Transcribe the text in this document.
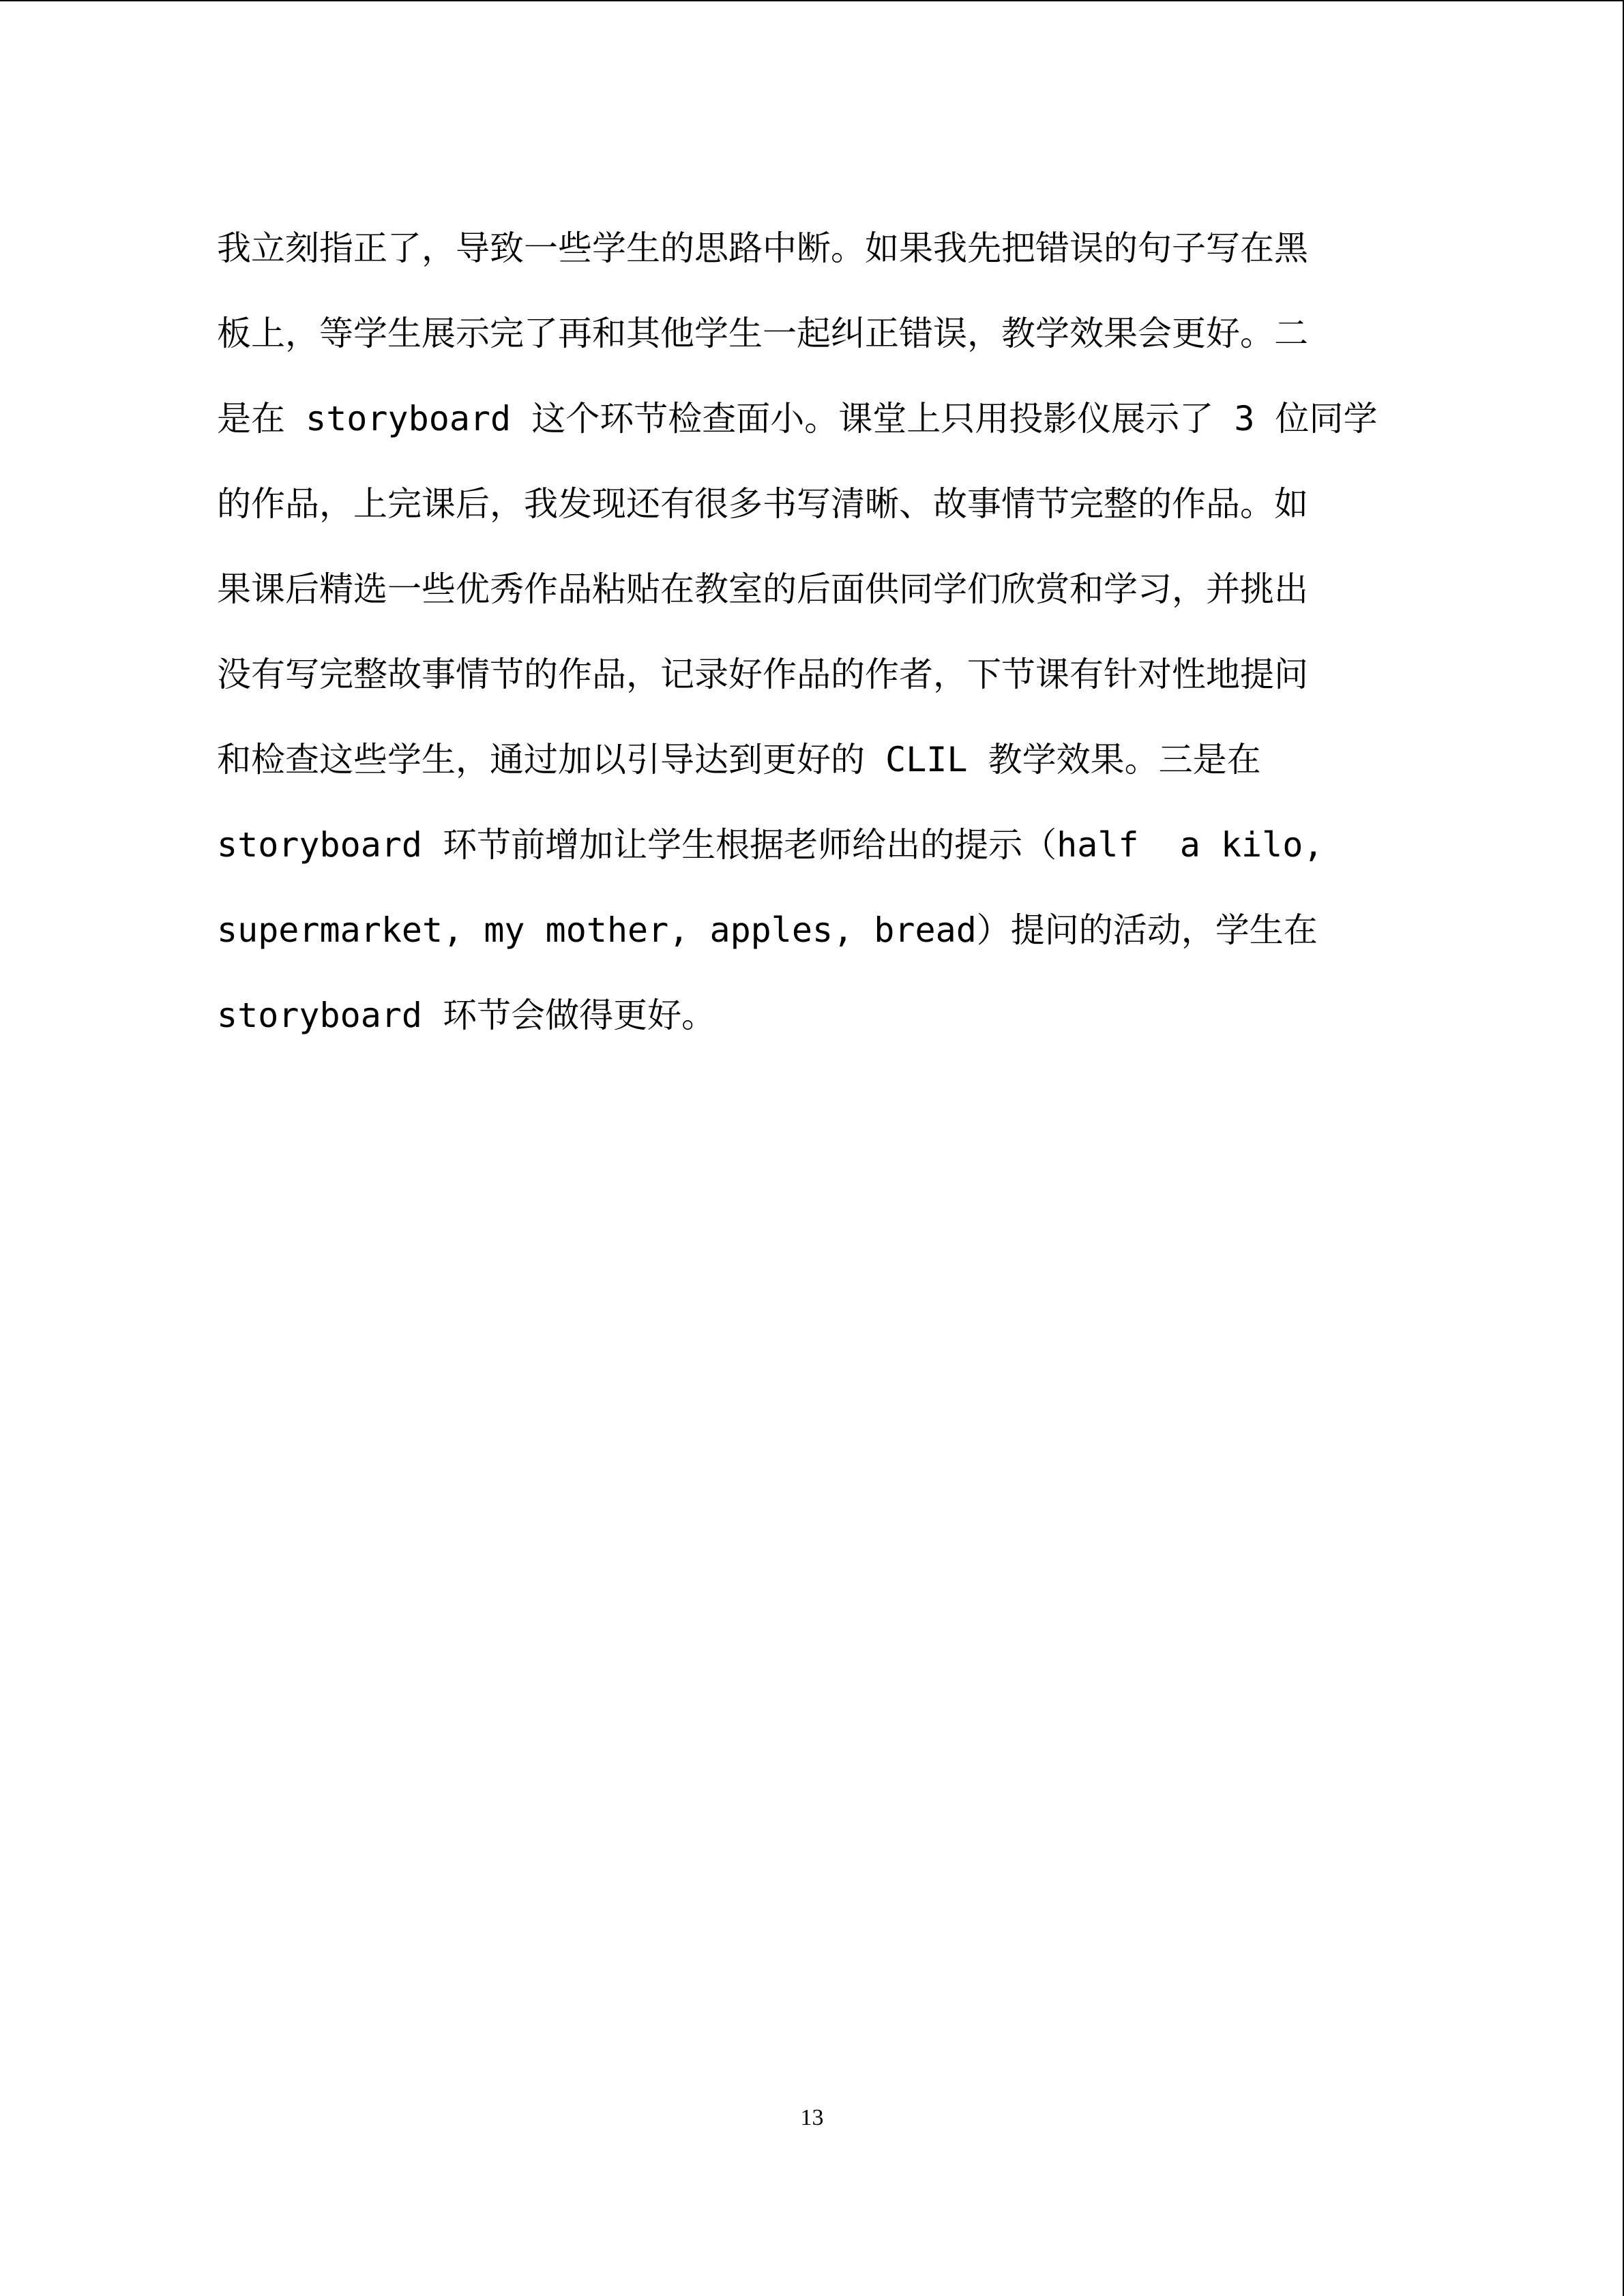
我立刻指正了，导致一些学生的思路中断。如果我先把错误的句子写在黑
板上，等学生展示完了再和其他学生一起纠正错误，教学效果会更好。二
是在 storyboard 这个环节检查面小。课堂上只用投影仪展示了 3 位同学
的作品，上完课后，我发现还有很多书写清晰、故事情节完整的作品。如
果课后精选一些优秀作品粘贴在教室的后面供同学们欣赏和学习，并挑出
没有写完整故事情节的作品，记录好作品的作者，下节课有针对性地提问
和检查这些学生，通过加以引导达到更好的 CLIL 教学效果。三是在
storyboard 环节前增加让学生根据老师给出的提示（half  a kilo,
supermarket, my mother, apples, bread）提问的活动，学生在
storyboard 环节会做得更好。
13
